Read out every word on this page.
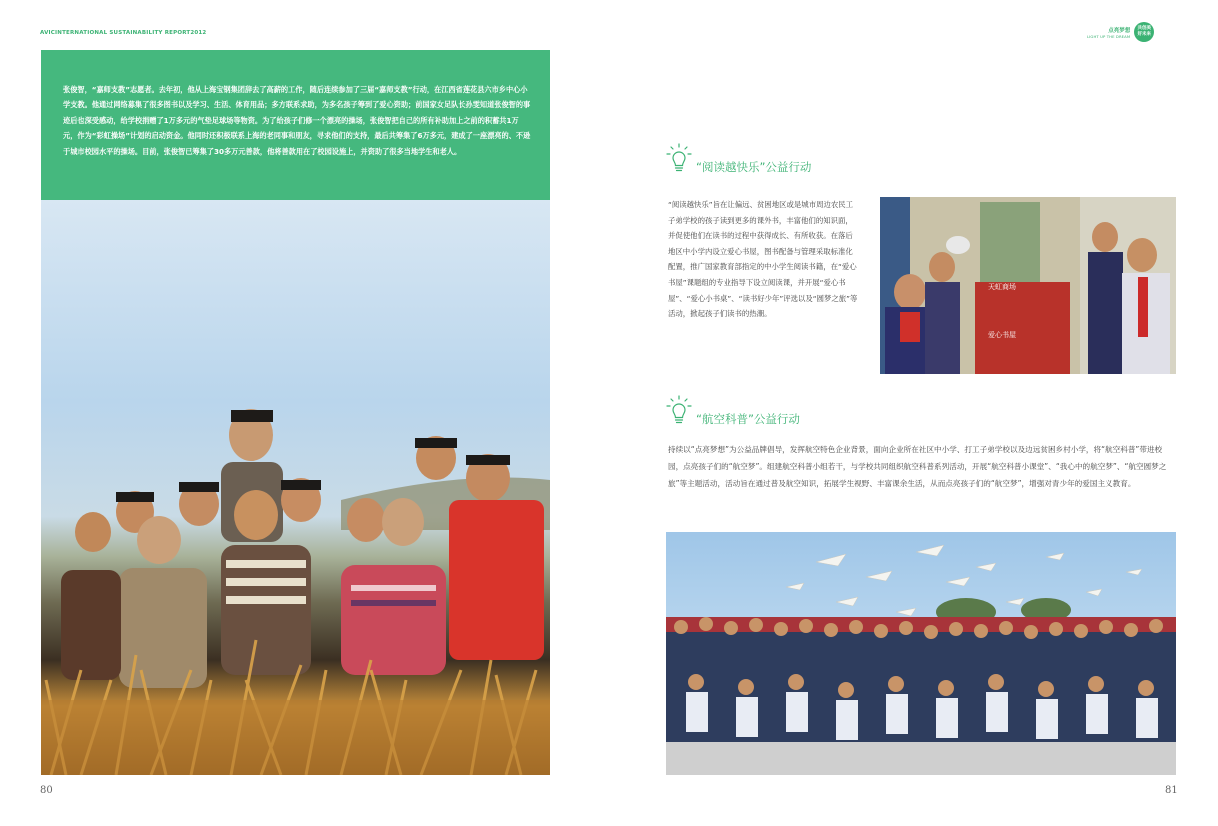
AVICINTERNATIONAL SUSTAINABILITY REPORT2012

张俊智，“嘉师支教”志愿者。去年初，他从上海宝钢集团辞去了高薪的工作，随后连续参加了三届“嘉师支教”行动，在江西省莲花县六市乡中心小学支教。他通过网络募集了很多图书以及学习、生活、体育用品；多方联系求助，为多名孩子筹到了爱心资助；前国家女足队长孙雯知道张俊智的事迹后也深受感动，给学校捐赠了1万多元的气垫足球场等物资。为了给孩子们修一个漂亮的操场，张俊智把自己的所有补助加上之前的积蓄共1万元，作为“彩虹操场”计划的启动资金。他同时还积极联系上海的老同事和朋友，寻求他们的支持，最后共筹集了6万多元，建成了一座漂亮的、不逊于城市校园水平的操场。目前，张俊智已筹集了30多万元善款，他将善款用在了校园设施上，并资助了很多当地学生和老人。

80
点亮梦想
LIGHT UP THE DREAM
共创美
好未来
“阅读越快乐”公益行动

“阅读越快乐”旨在让偏远、贫困地区或是城市周边农民工子弟学校的孩子读到更多的课外书，丰富他们的知识面，并促使他们在读书的过程中获得成长、有所收获。在落后地区中小学内设立爱心书屋，图书配备与管理采取标准化配置，推广国家教育部指定的中小学生阅读书籍，在“爱心书屋”课题组的专业指导下设立阅读课，并开展“爱心书屋”、“爱心小书桌”、“读书好少年”评选以及“圆梦之旅”等活动，掀起孩子们读书的热潮。

天虹商场
爱心书屋
“航空科普”公益行动

持续以“点亮梦想”为公益品牌倡导，发挥航空特色企业背景，面向企业所在社区中小学、打工子弟学校以及边远贫困乡村小学，将“航空科普”带进校园，点亮孩子们的“航空梦”。组建航空科普小组若干，与学校共同组织航空科普系列活动，开展“航空科普小课堂”、“我心中的航空梦”、“航空圆梦之旅”等主题活动，活动旨在通过普及航空知识，拓展学生视野、丰富课余生活，从而点亮孩子们的“航空梦”，增强对青少年的爱国主义教育。

81
